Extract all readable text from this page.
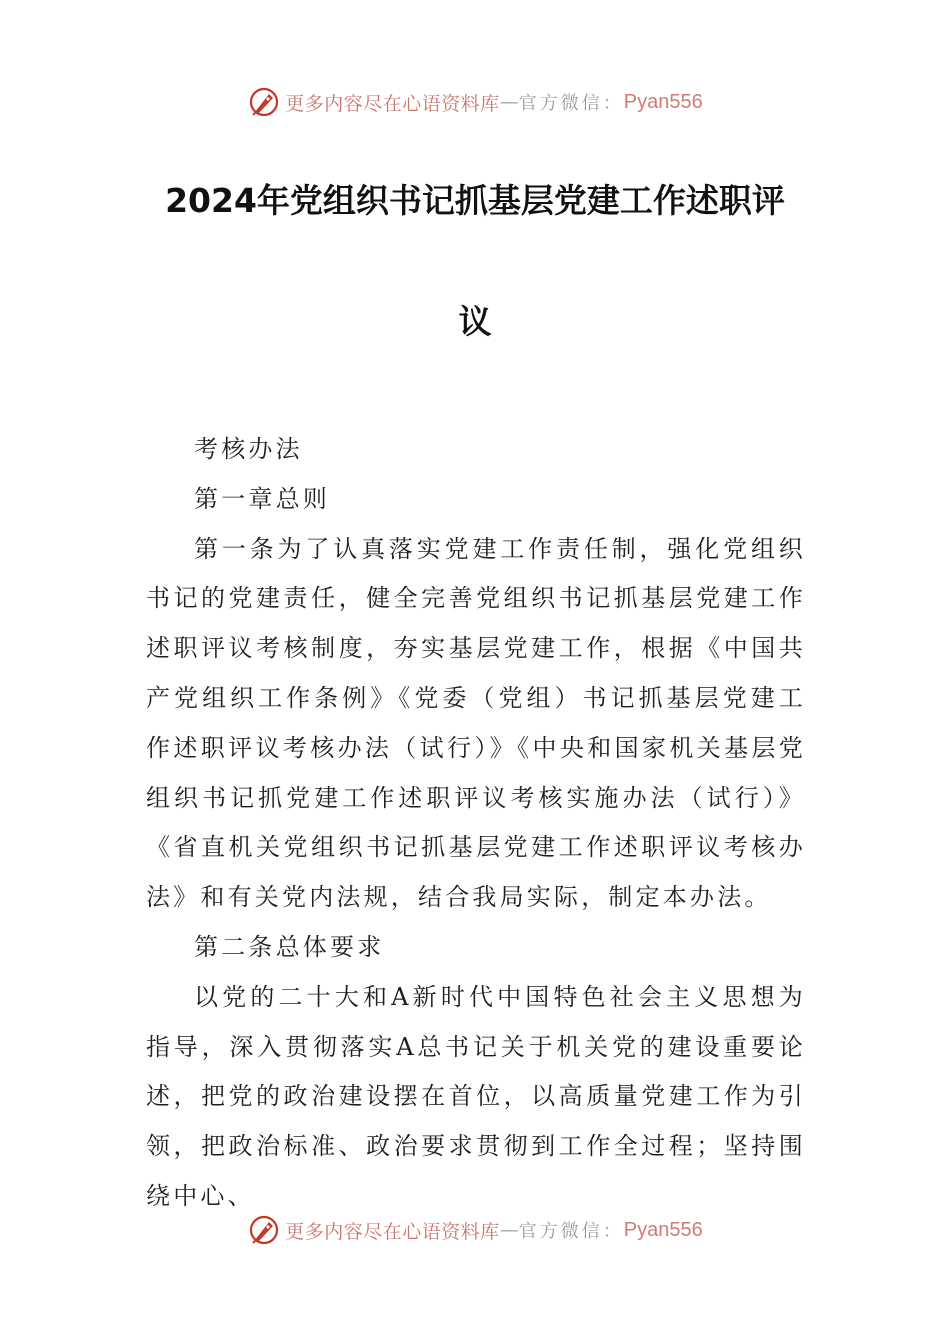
更多内容尽在心语资料库 — 官方微信： Pyan556
2024年党组织书记抓基层党建工作述职评
议

考核办法

第一章总则

第一条为了认真落实党建工作责任制，强化党组织书记的党建责任，健全完善党组织书记抓基层党建工作述职评议考核制度，夯实基层党建工作，根据《中国共产党组织工作条例》《党委（党组）书记抓基层党建工作述职评议考核办法（试行）》《中央和国家机关基层党组织书记抓党建工作述职评议考核实施办法（试行）》《省直机关党组织书记抓基层党建工作述职评议考核办法》和有关党内法规，结合我局实际，制定本办法。

第二条总体要求

以党的二十大和A新时代中国特色社会主义思想为指导，深入贯彻落实A总书记关于机关党的建设重要论述，把党的政治建设摆在首位，以高质量党建工作为引领，把政治标准、政治要求贯彻到工作全过程；坚持围绕中心、

更多内容尽在心语资料库 — 官方微信： Pyan556
